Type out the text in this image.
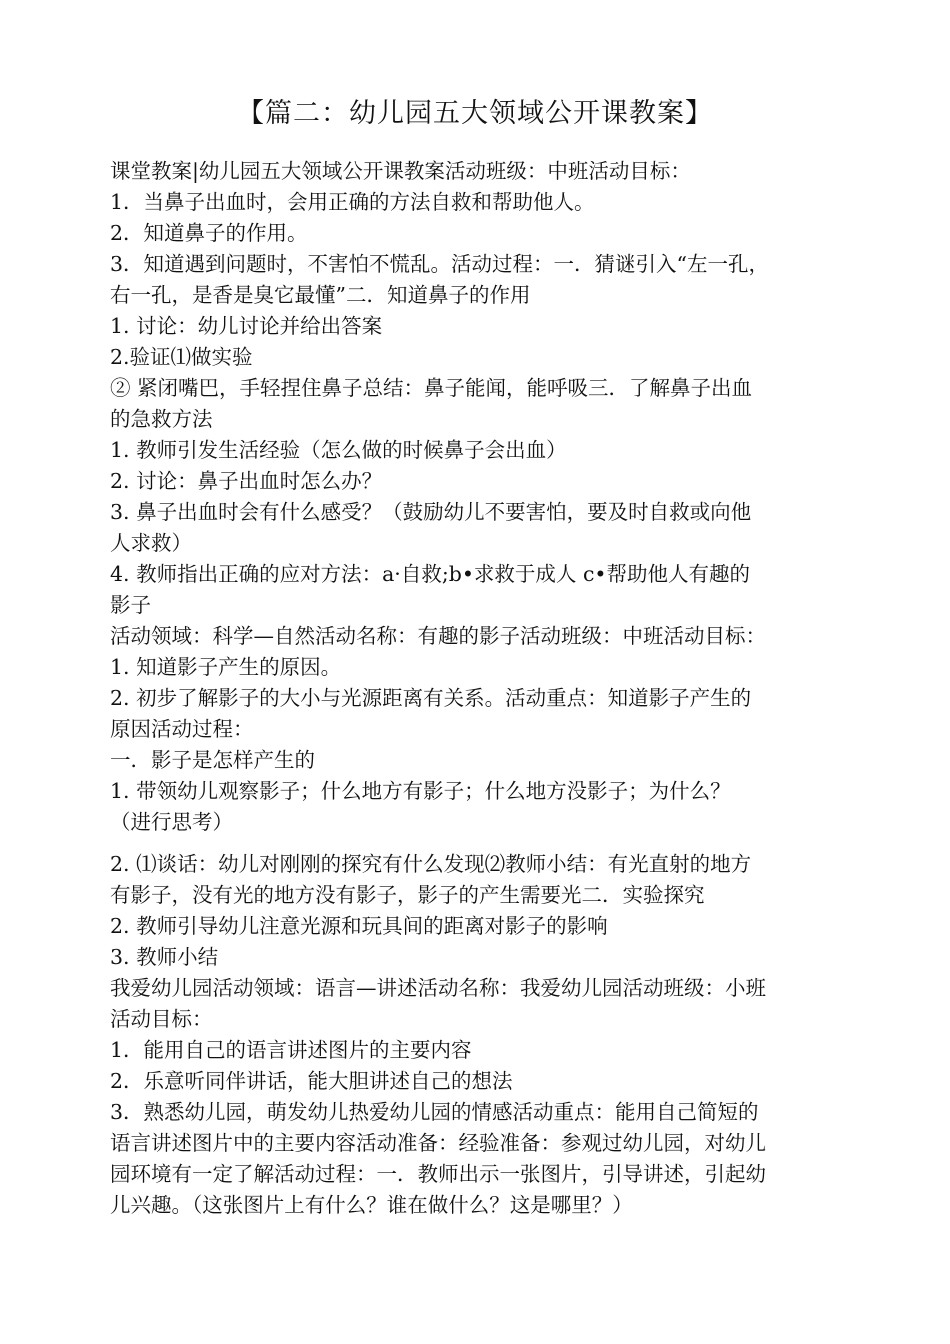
【篇二：幼儿园五大领域公开课教案】
课堂教案|幼儿园五大领域公开课教案活动班级：中班活动目标：
1．当鼻子出血时，会用正确的方法自救和帮助他人。
2．知道鼻子的作用。
3．知道遇到问题时，不害怕不慌乱。活动过程：一．猜谜引入“左一孔，
右一孔，是香是臭它最懂”二．知道鼻子的作用
1. 讨论：幼儿讨论并给出答案
2.验证⑴做实验
② 紧闭嘴巴，手轻捏住鼻子总结：鼻子能闻，能呼吸三．了解鼻子出血
的急救方法
1. 教师引发生活经验（怎么做的时候鼻子会出血）
2. 讨论：鼻子出血时怎么办？
3. 鼻子出血时会有什么感受？（鼓励幼儿不要害怕，要及时自救或向他
人求救）
4. 教师指出正确的应对方法：a·自救;b•求救于成人 c•帮助他人有趣的
影子
活动领域：科学—自然活动名称：有趣的影子活动班级：中班活动目标：
1. 知道影子产生的原因。
2. 初步了解影子的大小与光源距离有关系。活动重点：知道影子产生的
原因活动过程：
一．影子是怎样产生的
1. 带领幼儿观察影子；什么地方有影子；什么地方没影子；为什么？
（进行思考）
2. ⑴谈话：幼儿对刚刚的探究有什么发现⑵教师小结：有光直射的地方
有影子，没有光的地方没有影子，影子的产生需要光二．实验探究
2. 教师引导幼儿注意光源和玩具间的距离对影子的影响
3. 教师小结
我爱幼儿园活动领域：语言—讲述活动名称：我爱幼儿园活动班级：小班
活动目标：
1．能用自己的语言讲述图片的主要内容
2．乐意听同伴讲话，能大胆讲述自己的想法
3．熟悉幼儿园，萌发幼儿热爱幼儿园的情感活动重点：能用自己简短的
语言讲述图片中的主要内容活动准备：经验准备：参观过幼儿园，对幼儿
园环境有一定了解活动过程：一．教师出示一张图片，引导讲述，引起幼
儿兴趣。（这张图片上有什么？谁在做什么？这是哪里？）
